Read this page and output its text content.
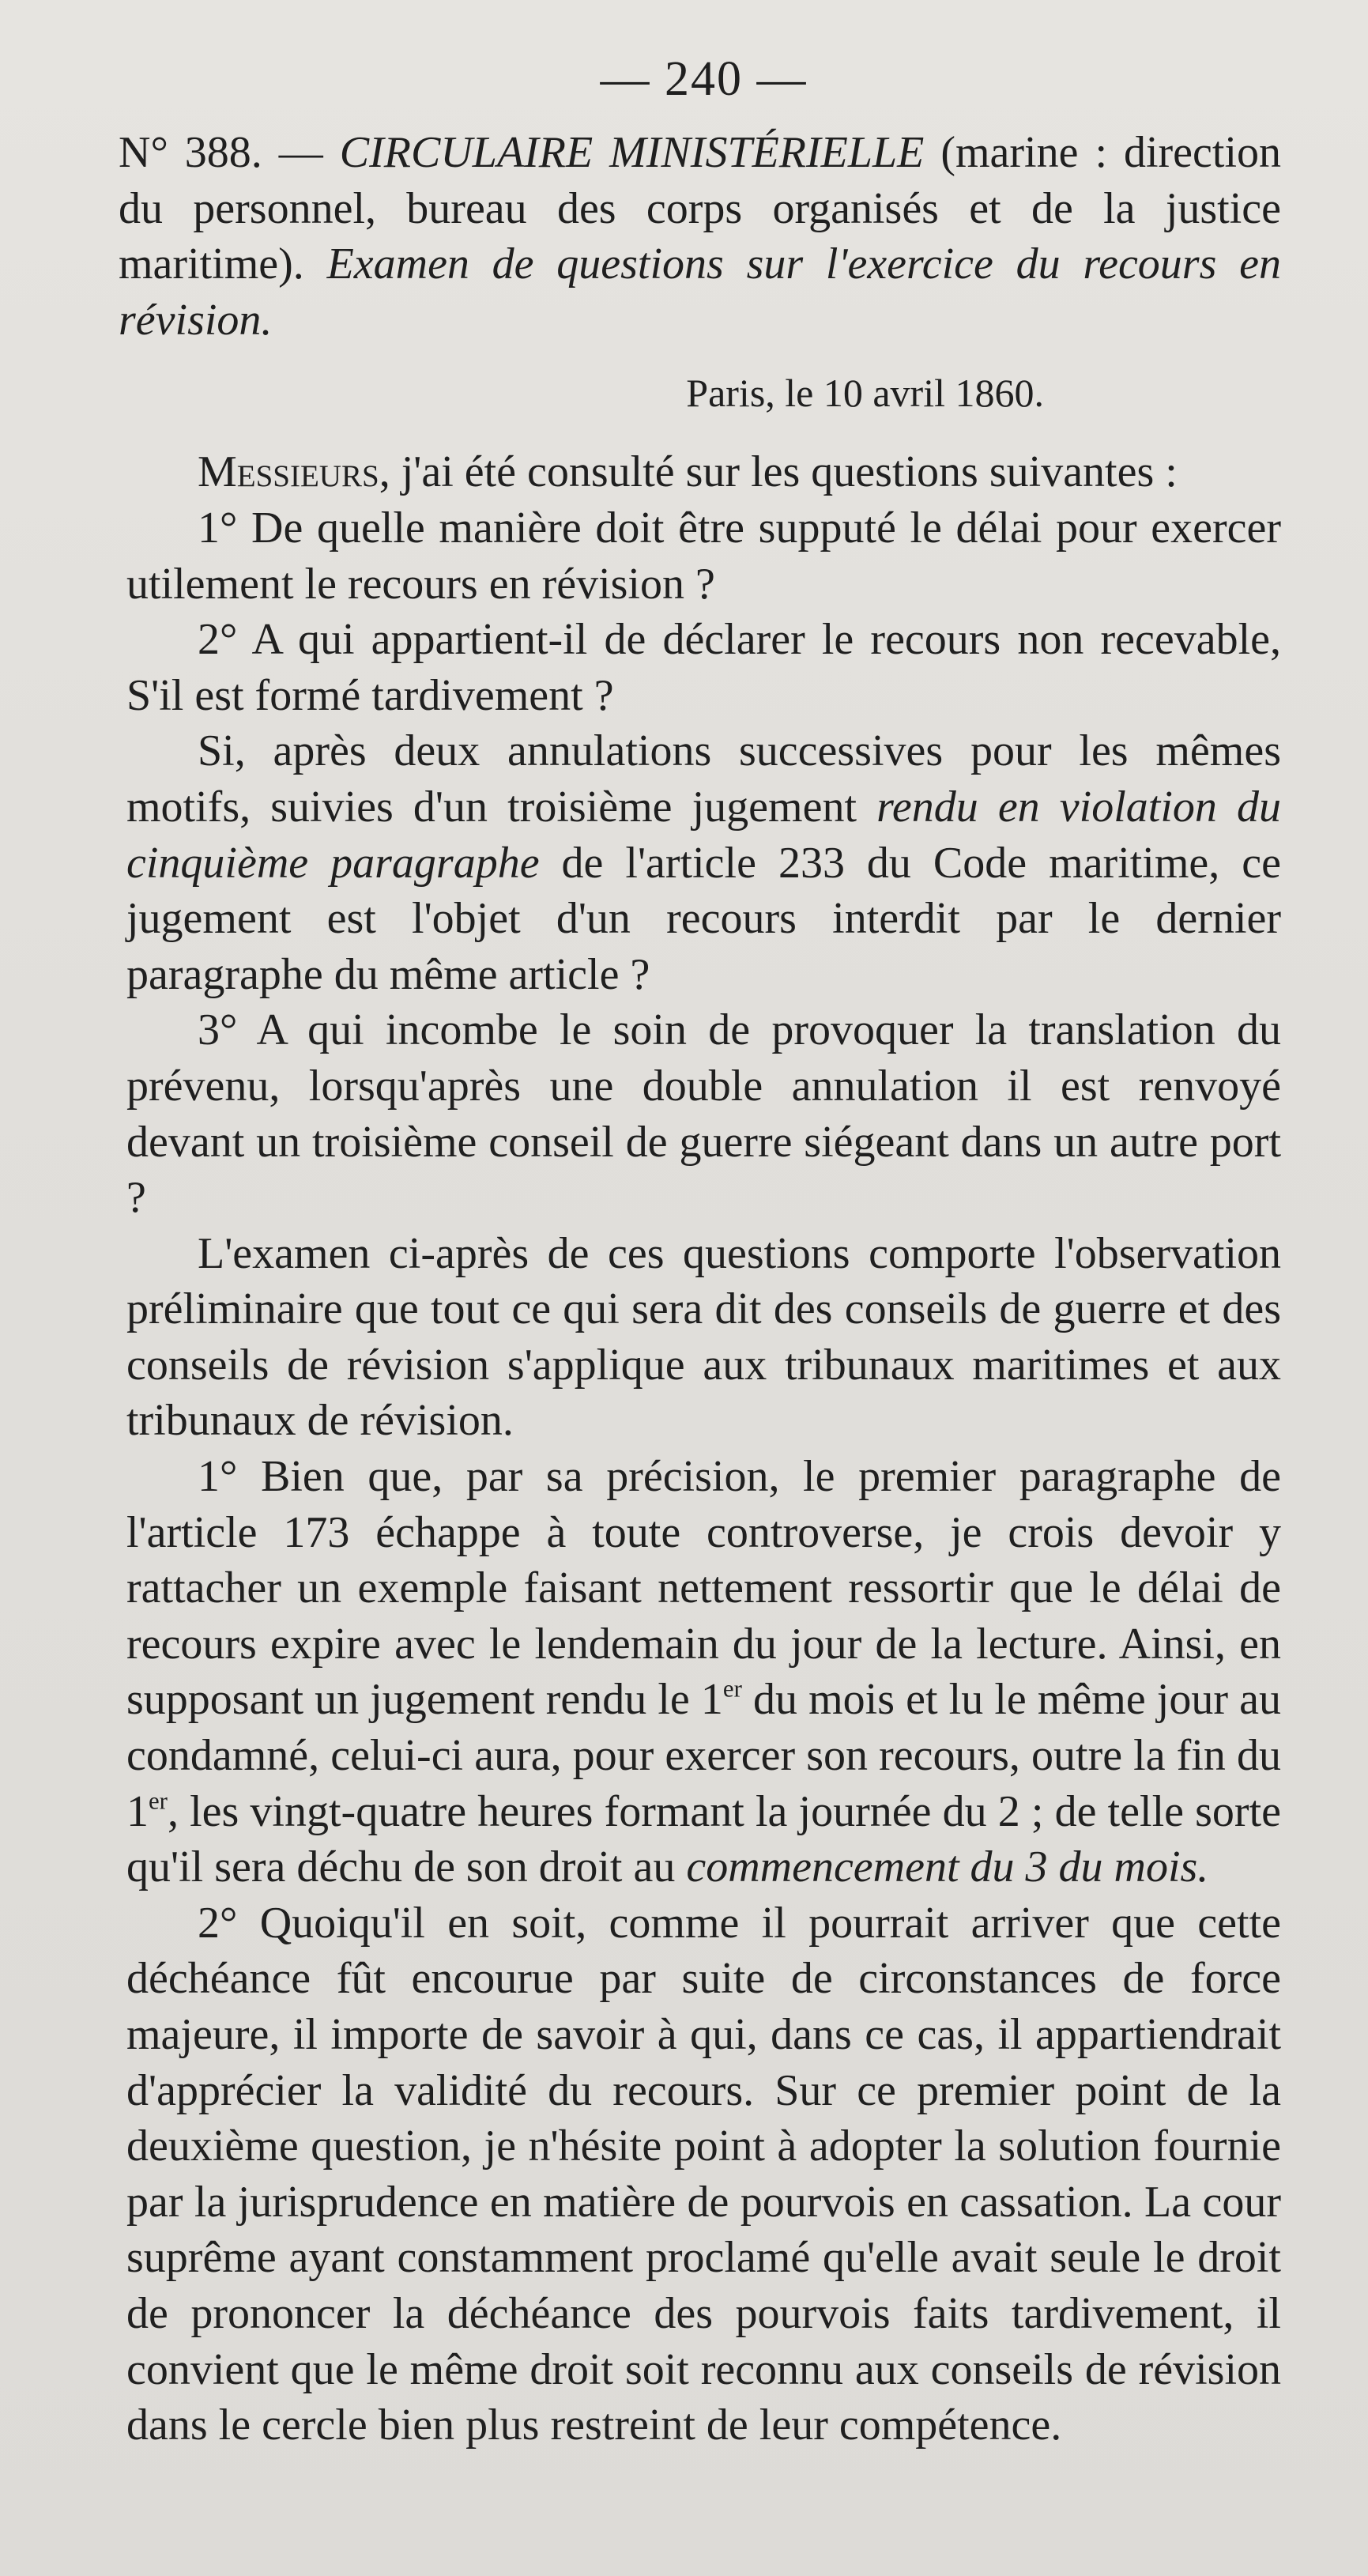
— 240 —

N° 388. — CIRCULAIRE MINISTÉRIELLE (marine : direction du personnel, bureau des corps organisés et de la justice maritime). Examen de questions sur l'exercice du recours en révision.

Paris, le 10 avril 1860.

Messieurs, j'ai été consulté sur les questions suivantes :

1° De quelle manière doit être supputé le délai pour exercer utilement le recours en révision ?

2° A qui appartient-il de déclarer le recours non recevable, S'il est formé tardivement ?

Si, après deux annulations successives pour les mêmes motifs, suivies d'un troisième jugement rendu en violation du cinquième paragraphe de l'article 233 du Code maritime, ce jugement est l'objet d'un recours interdit par le dernier paragraphe du même article ?

3° A qui incombe le soin de provoquer la translation du prévenu, lorsqu'après une double annulation il est renvoyé devant un troisième conseil de guerre siégeant dans un autre port ?

L'examen ci-après de ces questions comporte l'observation préliminaire que tout ce qui sera dit des conseils de guerre et des conseils de révision s'applique aux tribunaux maritimes et aux tribunaux de révision.

1° Bien que, par sa précision, le premier paragraphe de l'article 173 échappe à toute controverse, je crois devoir y rattacher un exemple faisant nettement ressortir que le délai de recours expire avec le lendemain du jour de la lecture. Ainsi, en supposant un jugement rendu le 1er du mois et lu le même jour au condamné, celui-ci aura, pour exercer son recours, outre la fin du 1er, les vingt-quatre heures formant la journée du 2 ; de telle sorte qu'il sera déchu de son droit au commencement du 3 du mois.

2° Quoiqu'il en soit, comme il pourrait arriver que cette déchéance fût encourue par suite de circonstances de force majeure, il importe de savoir à qui, dans ce cas, il appartiendrait d'apprécier la validité du recours. Sur ce premier point de la deuxième question, je n'hésite point à adopter la solution fournie par la jurisprudence en matière de pourvois en cassation. La cour suprême ayant constamment proclamé qu'elle avait seule le droit de prononcer la déchéance des pourvois faits tardivement, il convient que le même droit soit reconnu aux conseils de révision dans le cercle bien plus restreint de leur compétence.
